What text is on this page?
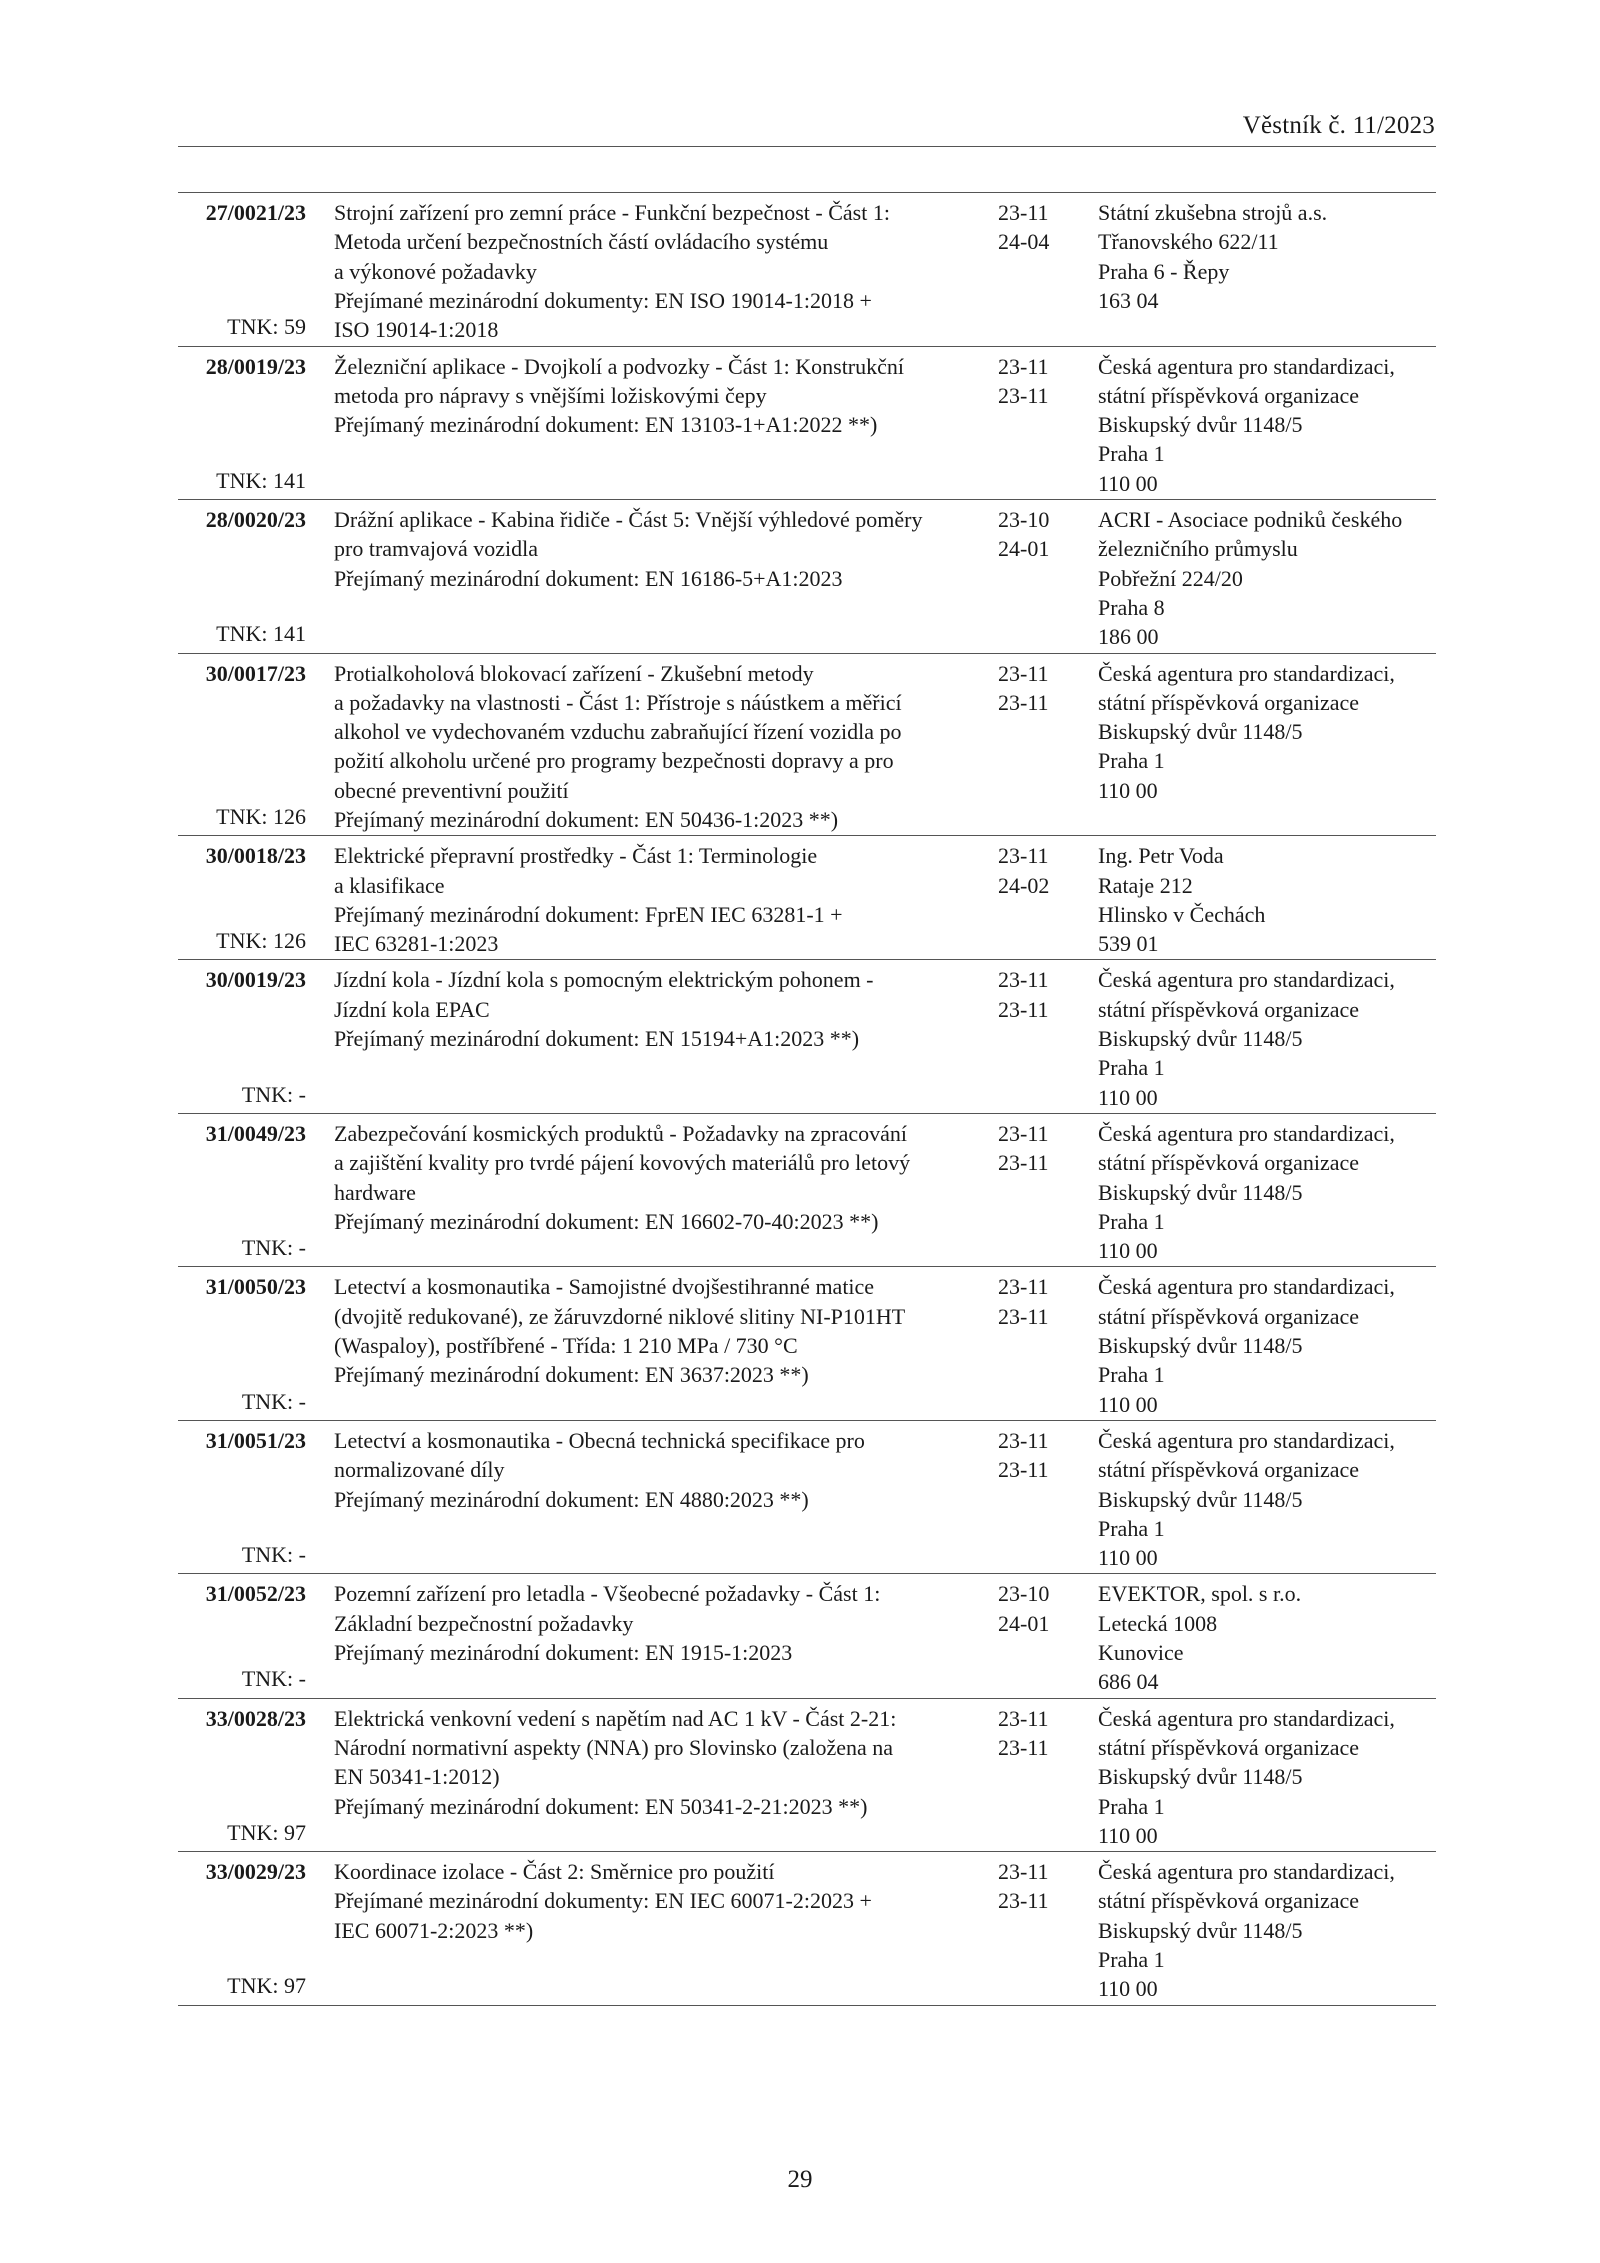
Věstník č. 11/2023
27/0021/23
TNK: 59
Strojní zařízení pro zemní práce - Funkční bezpečnost - Část 1:
Metoda určení bezpečnostních částí ovládacího systému
a výkonové požadavky
Přejímané mezinárodní dokumenty: EN ISO 19014-1:2018 +
ISO 19014-1:2018
23-11
24-04
Státní zkušebna strojů a.s.
Třanovského 622/11
Praha 6 - Řepy
163 04
28/0019/23
TNK: 141
Železniční aplikace - Dvojkolí a podvozky - Část 1: Konstrukční
metoda pro nápravy s vnějšími ložiskovými čepy
Přejímaný mezinárodní dokument: EN 13103-1+A1:2022 **)
23-11
23-11
Česká agentura pro standardizaci,
státní příspěvková organizace
Biskupský dvůr 1148/5
Praha 1
110 00
28/0020/23
TNK: 141
Drážní aplikace - Kabina řidiče - Část 5: Vnější výhledové poměry
pro tramvajová vozidla
Přejímaný mezinárodní dokument: EN 16186-5+A1:2023
23-10
24-01
ACRI - Asociace podniků českého
železničního průmyslu
Pobřežní 224/20
Praha 8
186 00
30/0017/23
TNK: 126
Protialkoholová blokovací zařízení - Zkušební metody
a požadavky na vlastnosti - Část 1: Přístroje s náústkem a měřicí
alkohol ve vydechovaném vzduchu zabraňující řízení vozidla po
požití alkoholu určené pro programy bezpečnosti dopravy a pro
obecné preventivní použití
Přejímaný mezinárodní dokument: EN 50436-1:2023 **)
23-11
23-11
Česká agentura pro standardizaci,
státní příspěvková organizace
Biskupský dvůr 1148/5
Praha 1
110 00
30/0018/23
TNK: 126
Elektrické přepravní prostředky - Část 1: Terminologie
a klasifikace
Přejímaný mezinárodní dokument: FprEN IEC 63281-1 +
IEC 63281-1:2023
23-11
24-02
Ing. Petr Voda
Rataje 212
Hlinsko v Čechách
539 01
30/0019/23
TNK: -
Jízdní kola - Jízdní kola s pomocným elektrickým pohonem -
Jízdní kola EPAC
Přejímaný mezinárodní dokument: EN 15194+A1:2023 **)
23-11
23-11
Česká agentura pro standardizaci,
státní příspěvková organizace
Biskupský dvůr 1148/5
Praha 1
110 00
31/0049/23
TNK: -
Zabezpečování kosmických produktů - Požadavky na zpracování
a zajištění kvality pro tvrdé pájení kovových materiálů pro letový
hardware
Přejímaný mezinárodní dokument: EN 16602-70-40:2023 **)
23-11
23-11
Česká agentura pro standardizaci,
státní příspěvková organizace
Biskupský dvůr 1148/5
Praha 1
110 00
31/0050/23
TNK: -
Letectví a kosmonautika - Samojistné dvojšestihranné matice
(dvojitě redukované), ze žáruvzdorné niklové slitiny NI-P101HT
(Waspaloy), postříbřené - Třída: 1 210 MPa / 730 °C
Přejímaný mezinárodní dokument: EN 3637:2023 **)
23-11
23-11
Česká agentura pro standardizaci,
státní příspěvková organizace
Biskupský dvůr 1148/5
Praha 1
110 00
31/0051/23
TNK: -
Letectví a kosmonautika - Obecná technická specifikace pro
normalizované díly
Přejímaný mezinárodní dokument: EN 4880:2023 **)
23-11
23-11
Česká agentura pro standardizaci,
státní příspěvková organizace
Biskupský dvůr 1148/5
Praha 1
110 00
31/0052/23
TNK: -
Pozemní zařízení pro letadla - Všeobecné požadavky - Část 1:
Základní bezpečnostní požadavky
Přejímaný mezinárodní dokument: EN 1915-1:2023
23-10
24-01
EVEKTOR, spol. s r.o.
Letecká 1008
Kunovice
686 04
33/0028/23
TNK: 97
Elektrická venkovní vedení s napětím nad AC 1 kV - Část 2-21:
Národní normativní aspekty (NNA) pro Slovinsko (založena na
EN 50341-1:2012)
Přejímaný mezinárodní dokument: EN 50341-2-21:2023 **)
23-11
23-11
Česká agentura pro standardizaci,
státní příspěvková organizace
Biskupský dvůr 1148/5
Praha 1
110 00
33/0029/23
TNK: 97
Koordinace izolace - Část 2: Směrnice pro použití
Přejímané mezinárodní dokumenty: EN IEC 60071-2:2023 +
IEC 60071-2:2023 **)
23-11
23-11
Česká agentura pro standardizaci,
státní příspěvková organizace
Biskupský dvůr 1148/5
Praha 1
110 00
29
